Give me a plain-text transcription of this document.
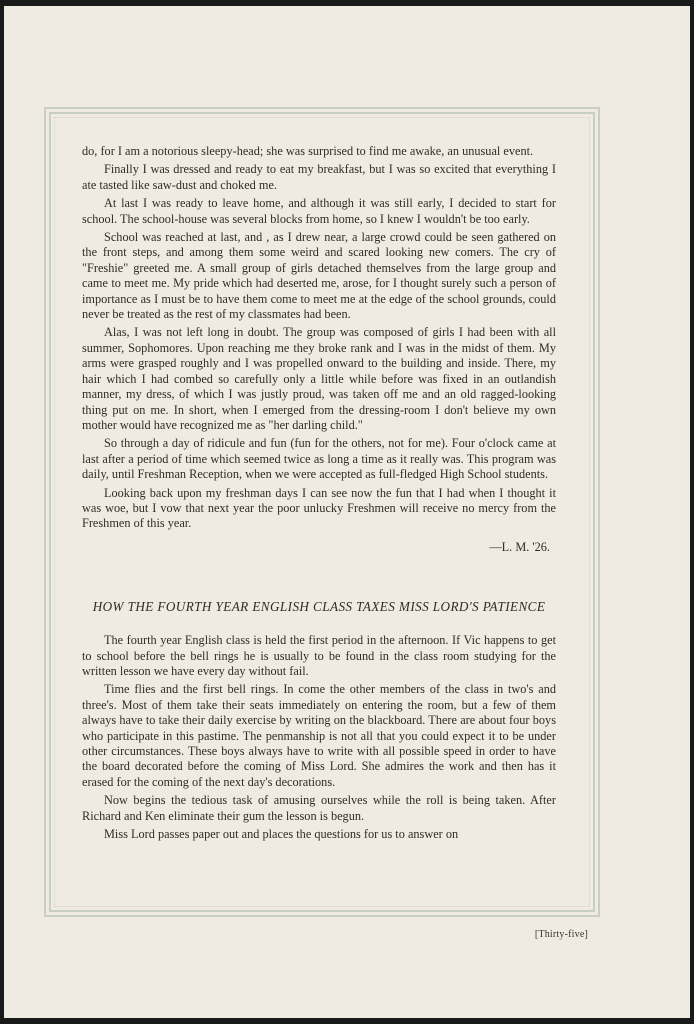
do, for I am a notorious sleepy-head; she was surprised to find me awake, an unusual event.

Finally I was dressed and ready to eat my breakfast, but I was so excited that everything I ate tasted like saw-dust and choked me.

At last I was ready to leave home, and although it was still early, I decided to start for school. The school-house was several blocks from home, so I knew I wouldn't be too early.

School was reached at last, and , as I drew near, a large crowd could be seen gathered on the front steps, and among them some weird and scared looking new comers. The cry of "Freshie" greeted me. A small group of girls detached themselves from the large group and came to meet me. My pride which had deserted me, arose, for I thought surely such a person of importance as I must be to have them come to meet me at the edge of the school grounds, could never be treated as the rest of my classmates had been.

Alas, I was not left long in doubt. The group was composed of girls I had been with all summer, Sophomores. Upon reaching me they broke rank and I was in the midst of them. My arms were grasped roughly and I was propelled onward to the building and inside. There, my hair which I had combed so carefully only a little while before was fixed in an outlandish manner, my dress, of which I was justly proud, was taken off me and an old ragged-looking thing put on me. In short, when I emerged from the dressing-room I don't believe my own mother would have recognized me as "her darling child."

So through a day of ridicule and fun (fun for the others, not for me). Four o'clock came at last after a period of time which seemed twice as long a time as it really was. This program was daily, until Freshman Reception, when we were accepted as full-fledged High School students.

Looking back upon my freshman days I can see now the fun that I had when I thought it was woe, but I vow that next year the poor unlucky Freshmen will receive no mercy from the Freshmen of this year.

—L. M. '26.
HOW THE FOURTH YEAR ENGLISH CLASS TAXES MISS LORD'S PATIENCE

The fourth year English class is held the first period in the afternoon. If Vic happens to get to school before the bell rings he is usually to be found in the class room studying for the written lesson we have every day without fail.

Time flies and the first bell rings. In come the other members of the class in two's and three's. Most of them take their seats immediately on entering the room, but a few of them always have to take their daily exercise by writing on the blackboard. There are about four boys who participate in this pastime. The penmanship is not all that you could expect it to be under other circumstances. These boys always have to write with all possible speed in order to have the board decorated before the coming of Miss Lord. She admires the work and then has it erased for the coming of the next day's decorations.

Now begins the tedious task of amusing ourselves while the roll is being taken. After Richard and Ken eliminate their gum the lesson is begun.

Miss Lord passes paper out and places the questions for us to answer on

[Thirty-five]
